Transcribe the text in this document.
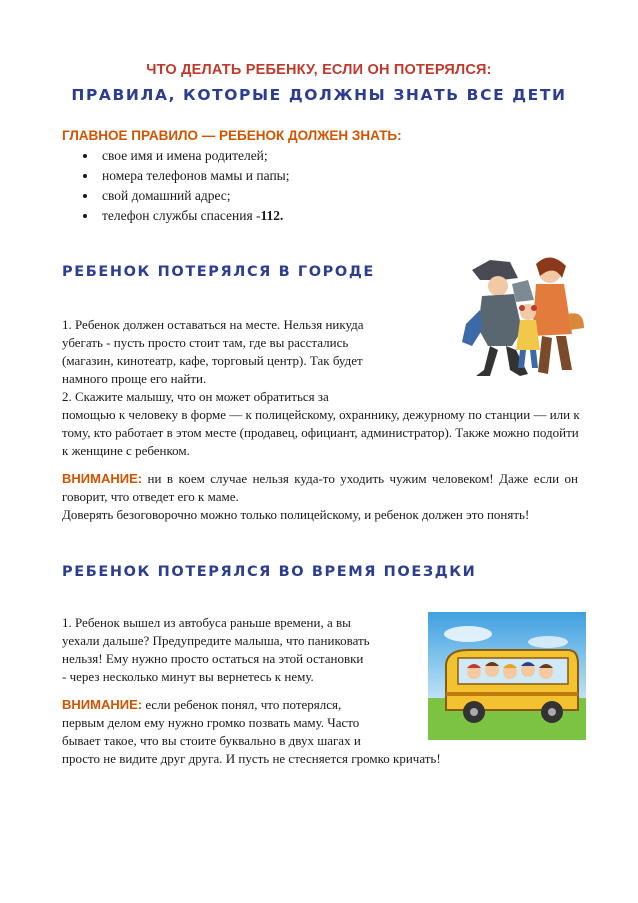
ЧТО ДЕЛАТЬ РЕБЕНКУ, ЕСЛИ ОН ПОТЕРЯЛСЯ:
ПРАВИЛА, КОТОРЫЕ ДОЛЖНЫ ЗНАТЬ ВСЕ ДЕТИ
ГЛАВНОЕ ПРАВИЛО — РЕБЕНОК ДОЛЖЕН ЗНАТЬ:
• свое имя и имена родителей;
• номера телефонов мамы и папы;
• свой домашний адрес;
• телефон службы спасения -112.
РЕБЕНОК ПОТЕРЯЛСЯ В ГОРОДЕ
1. Ребенок должен оставаться на месте. Нельзя никуда
убегать - пусть просто стоит там, где вы расстались
(магазин, кинотеатр, кафе, торговый центр). Так будет
намного проще его найти.
2. Скажите малышу, что он может обратиться за
помощью к человеку в форме — к полицейскому, охраннику, дежурному по станции — или к тому, кто работает в этом месте (продавец, официант, администратор). Также можно подойти к женщине с ребенком.
ВНИМАНИЕ: ни в коем случае нельзя куда-то уходить чужим человеком! Даже если он говорит, что отведет его к маме.
Доверять безоговорочно можно только полицейскому, и ребенок должен это понять!
РЕБЕНОК ПОТЕРЯЛСЯ ВО ВРЕМЯ ПОЕЗДКИ
1. Ребенок вышел из автобуса раньше времени, а вы
уехали дальше? Предупредите малыша, что паниковать
нельзя! Ему нужно просто остаться на этой остановки
- через несколько минут вы вернетесь к нему.
ВНИМАНИЕ: если ребенок понял, что потерялся,
первым делом ему нужно громко позвать маму. Часто
бывает такое, что вы стоите буквально в двух шагах и
просто не видите друг друга. И пусть не стесняется громко кричать!
